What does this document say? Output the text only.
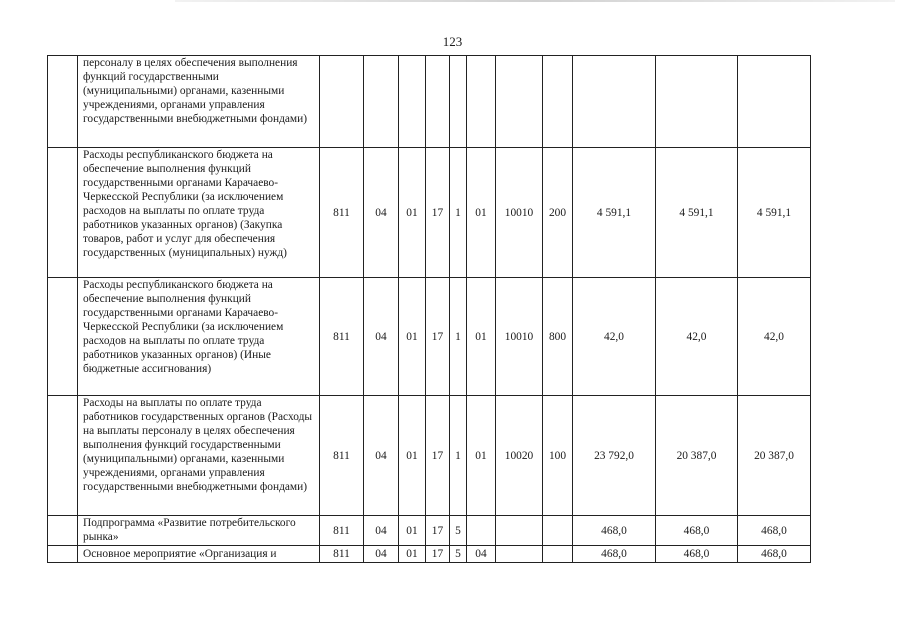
123
	персоналу в целях обеспечения выполнения функций государственными (муниципальными) органами, казенными учреждениями, органами управления государственными внебюджетными фондами)											
	Расходы республиканского бюджета на обеспечение выполнения функций государственными органами Карачаево-Черкесской Республики (за исключением расходов на выплаты по оплате труда работников указанных органов) (Закупка товаров, работ и услуг для обеспечения государственных (муниципальных) нужд)	811	04	01	17	1	01	10010	200	4 591,1	4 591,1	4 591,1
	Расходы республиканского бюджета на обеспечение выполнения функций государственными органами Карачаево-Черкесской Республики (за исключением расходов на выплаты по оплате труда работников указанных органов) (Иные бюджетные ассигнования)	811	04	01	17	1	01	10010	800	42,0	42,0	42,0
	Расходы на выплаты по оплате труда работников государственных органов (Расходы на выплаты персоналу в целях обеспечения выполнения функций государственными (муниципальными) органами, казенными учреждениями, органами управления государственными внебюджетными фондами)	811	04	01	17	1	01	10020	100	23 792,0	20 387,0	20 387,0
	Подпрограмма «Развитие потребительского рынка»	811	04	01	17	5				468,0	468,0	468,0
	Основное мероприятие «Организация и	811	04	01	17	5	04			468,0	468,0	468,0
